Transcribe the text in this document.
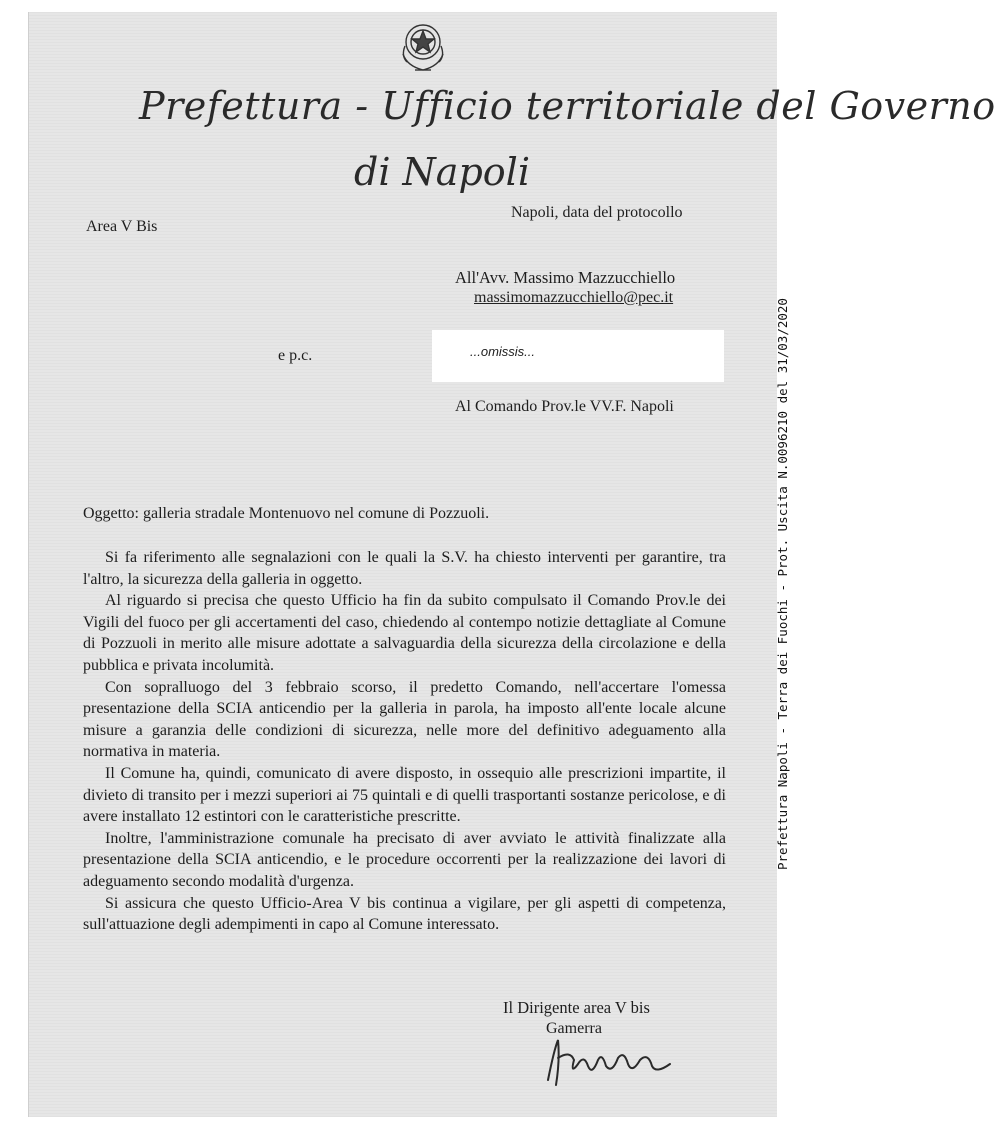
Prefettura - Ufficio territoriale del Governo
di Napoli
Area V Bis
Napoli, data del protocollo
All'Avv. Massimo Mazzucchiello
massimomazzucchiello@pec.it
e p.c.	...omissis...
Al Comando Prov.le VV.F. Napoli
Oggetto: galleria stradale Montenuovo nel comune di Pozzuoli.

Si fa riferimento alle segnalazioni con le quali la S.V. ha chiesto interventi per garantire, tra l'altro, la sicurezza della galleria in oggetto.

Al riguardo si precisa che questo Ufficio ha fin da subito compulsato il Comando Prov.le dei Vigili del fuoco per gli accertamenti del caso, chiedendo al contempo notizie dettagliate al Comune di Pozzuoli in merito alle misure adottate a salvaguardia della sicurezza della circolazione e della pubblica e privata incolumità.

Con sopralluogo del 3 febbraio scorso, il predetto Comando, nell'accertare l'omessa presentazione della SCIA anticendio per la galleria in parola, ha imposto all'ente locale alcune misure a garanzia delle condizioni di sicurezza, nelle more del definitivo adeguamento alla normativa in materia.

Il Comune ha, quindi, comunicato di avere disposto, in ossequio alle prescrizioni impartite, il divieto di transito per i mezzi superiori ai 75 quintali e di quelli trasportanti sostanze pericolose, e di avere installato 12 estintori con le caratteristiche prescritte.

Inoltre, l'amministrazione comunale ha precisato di aver avviato le attività finalizzate alla presentazione della SCIA anticendio, e le procedure occorrenti per la realizzazione dei lavori di adeguamento secondo modalità d'urgenza.

Si assicura che questo Ufficio-Area V bis continua a vigilare, per gli aspetti di competenza, sull'attuazione degli adempimenti in capo al Comune interessato.

Il Dirigente area V bis
Gamerra
Prefettura Napoli - Terra dei Fuochi - Prot. Uscita N.0096210 del 31/03/2020
